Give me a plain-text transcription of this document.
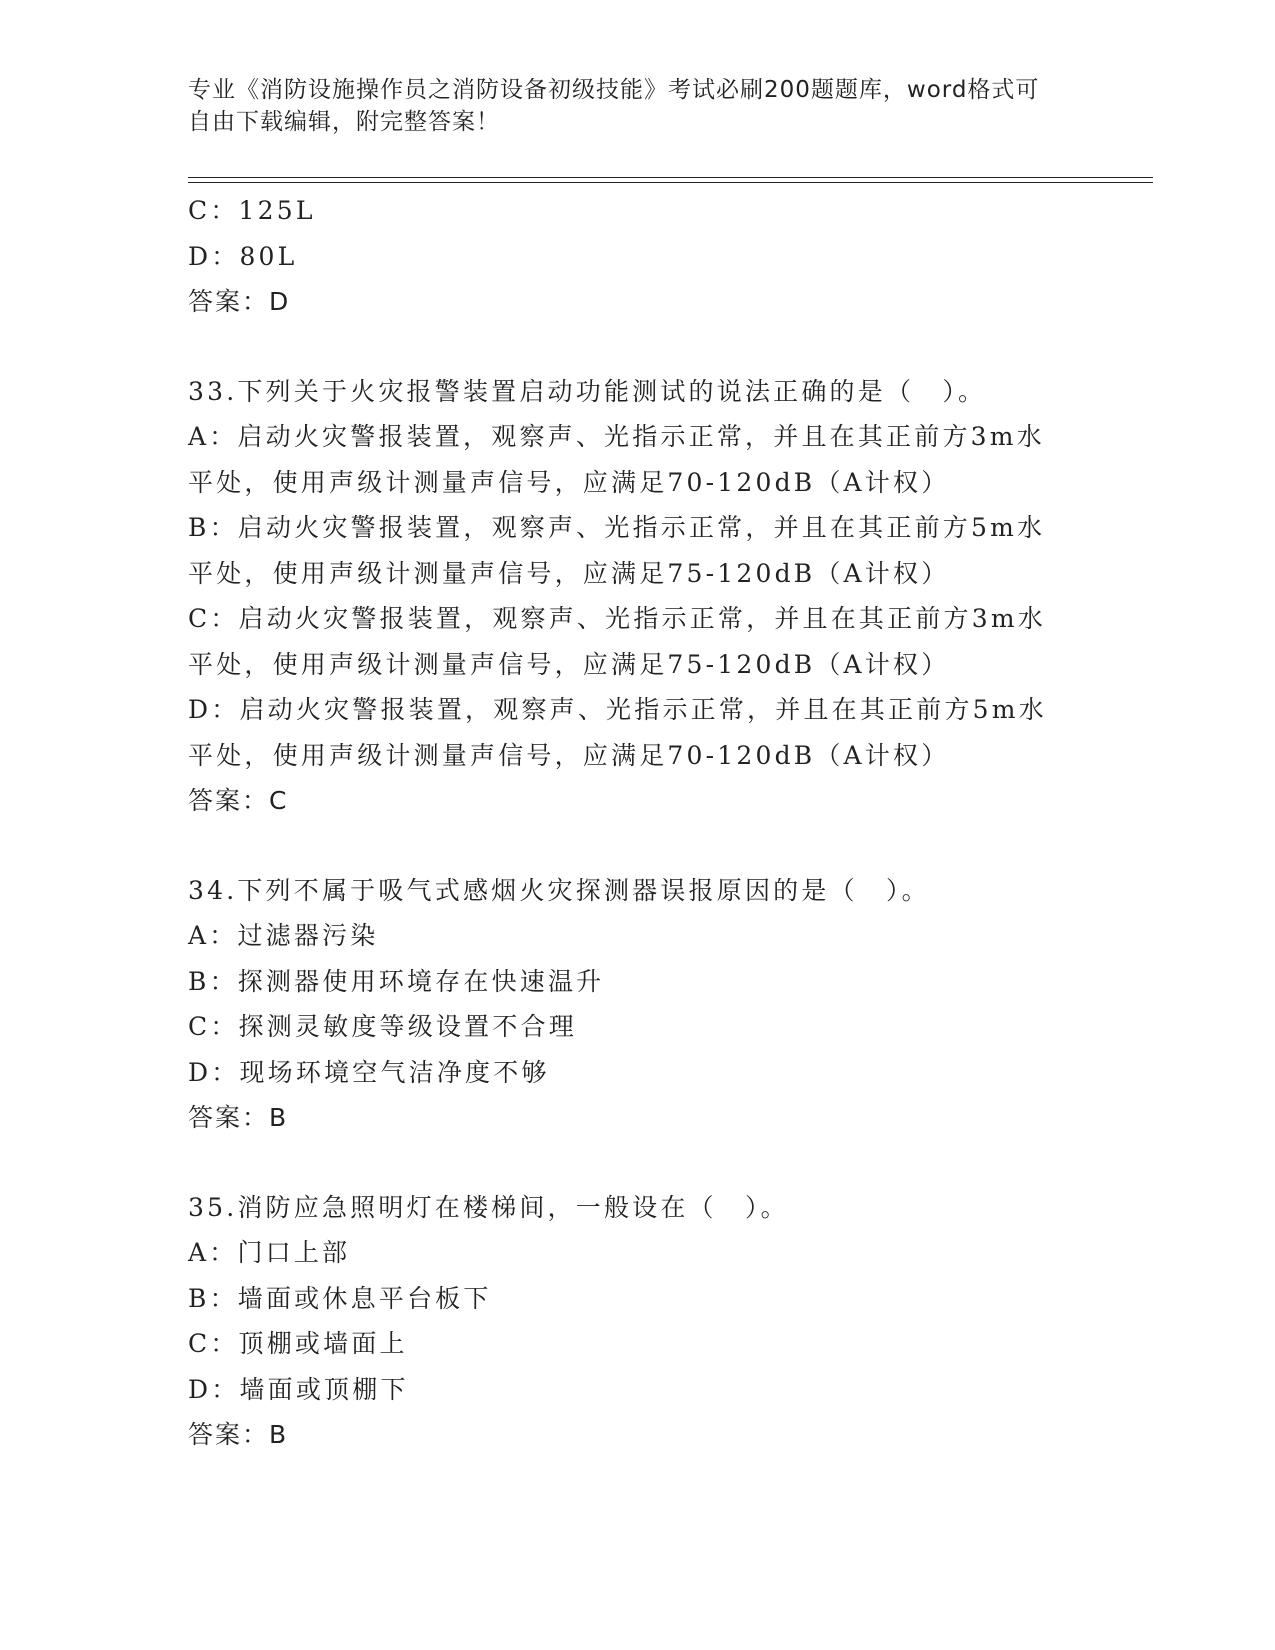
专业《消防设施操作员之消防设备初级技能》考试必刷200题题库，word格式可
自由下载编辑，附完整答案！
C：125L
D：80L
答案：D
33.下列关于火灾报警装置启动功能测试的说法正确的是（　）。
A：启动火灾警报装置，观察声、光指示正常，并且在其正前方3m水
平处，使用声级计测量声信号，应满足70-120dB（A计权）
B：启动火灾警报装置，观察声、光指示正常，并且在其正前方5m水
平处，使用声级计测量声信号，应满足75-120dB（A计权）
C：启动火灾警报装置，观察声、光指示正常，并且在其正前方3m水
平处，使用声级计测量声信号，应满足75-120dB（A计权）
D：启动火灾警报装置，观察声、光指示正常，并且在其正前方5m水
平处，使用声级计测量声信号，应满足70-120dB（A计权）
答案：C
34.下列不属于吸气式感烟火灾探测器误报原因的是（　）。
A：过滤器污染
B：探测器使用环境存在快速温升
C：探测灵敏度等级设置不合理
D：现场环境空气洁净度不够
答案：B
35.消防应急照明灯在楼梯间，一般设在（　）。
A：门口上部
B：墙面或休息平台板下
C：顶棚或墙面上
D：墙面或顶棚下
答案：B
